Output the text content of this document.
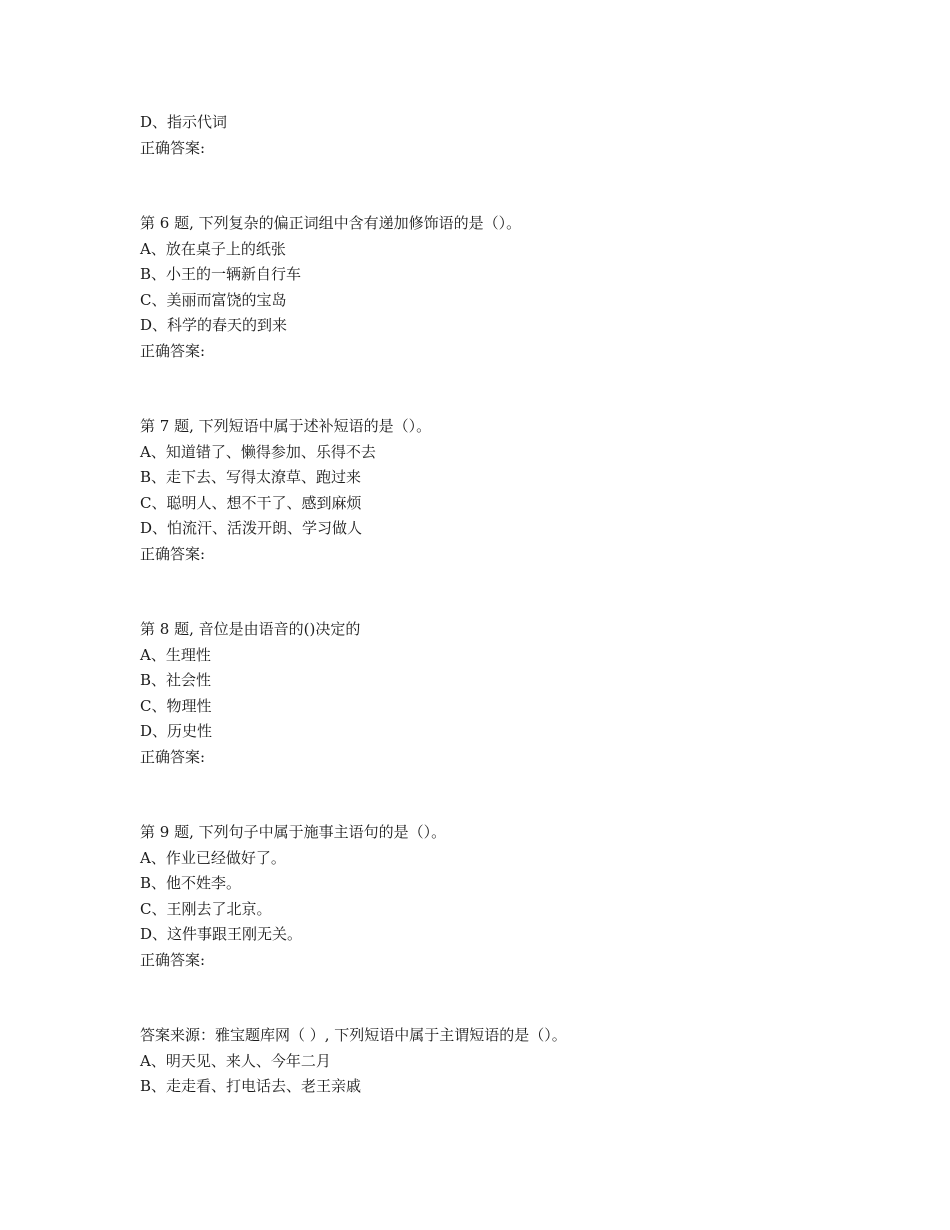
D、指示代词
正确答案:
第 6 题, 下列复杂的偏正词组中含有递加修饰语的是（）。
A、放在桌子上的纸张
B、小王的一辆新自行车
C、美丽而富饶的宝岛
D、科学的春天的到来
正确答案:
第 7 题, 下列短语中属于述补短语的是（）。
A、知道错了、懒得参加、乐得不去
B、走下去、写得太潦草、跑过来
C、聪明人、想不干了、感到麻烦
D、怕流汗、活泼开朗、学习做人
正确答案:
第 8 题, 音位是由语音的()决定的
A、生理性
B、社会性
C、物理性
D、历史性
正确答案:
第 9 题, 下列句子中属于施事主语句的是（）。
A、作业已经做好了。
B、他不姓李。
C、王刚去了北京。
D、这件事跟王刚无关。
正确答案:
答案来源：雅宝题库网（ ）, 下列短语中属于主谓短语的是（）。
A、明天见、来人、今年二月
B、走走看、打电话去、老王亲戚
